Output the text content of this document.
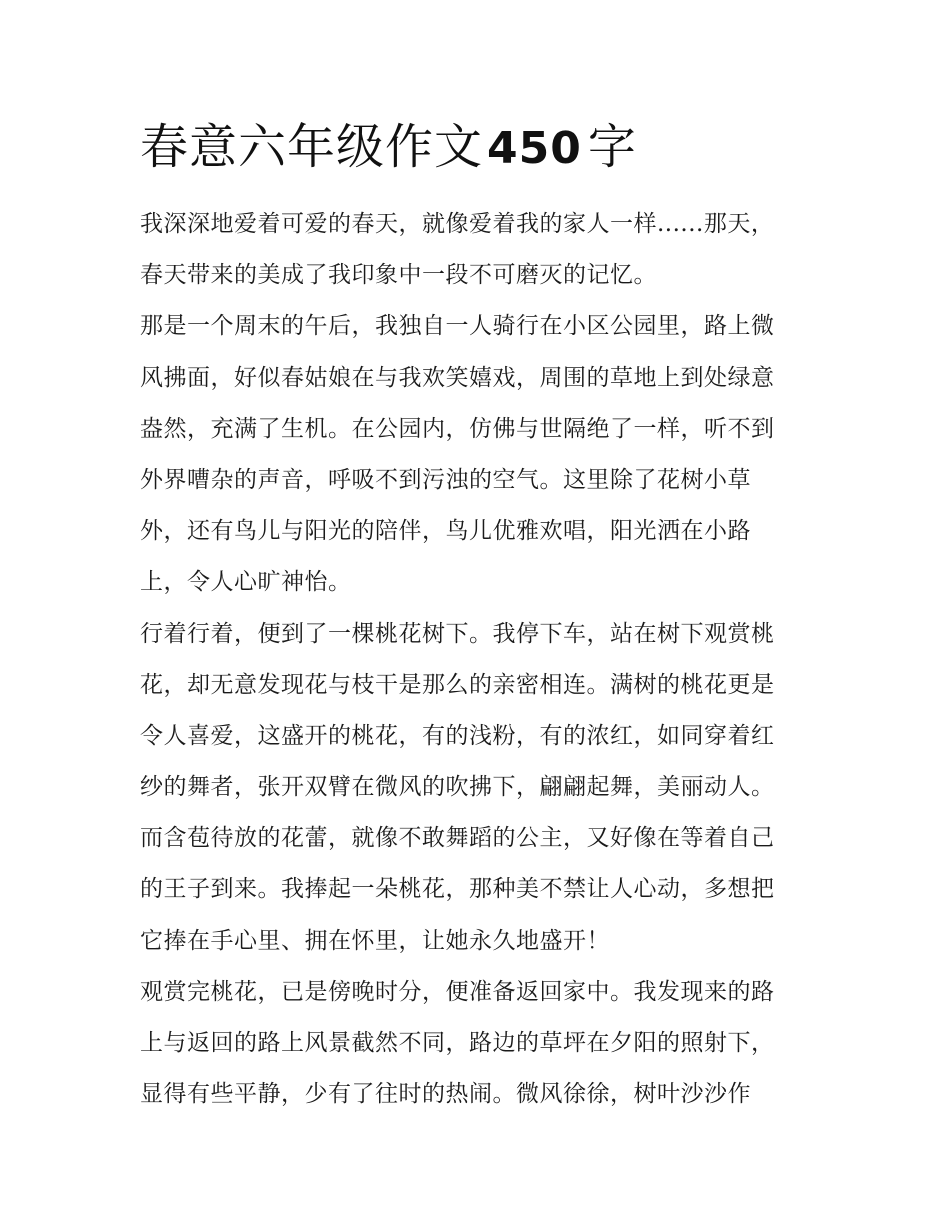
春意六年级作文450 字

我深深地爱着可爱的春天，就像爱着我的家人一样......那天，

春天带来的美成了我印象中一段不可磨灭的记忆。

那是一个周末的午后，我独自一人骑行在小区公园里，路上微

风拂面，好似春姑娘在与我欢笑嬉戏，周围的草地上到处绿意

盎然，充满了生机。在公园内，仿佛与世隔绝了一样，听不到

外界嘈杂的声音，呼吸不到污浊的空气。这里除了花树小草

外，还有鸟儿与阳光的陪伴，鸟儿优雅欢唱，阳光洒在小路

上，令人心旷神怡。

行着行着，便到了一棵桃花树下。我停下车，站在树下观赏桃

花，却无意发现花与枝干是那么的亲密相连。满树的桃花更是

令人喜爱，这盛开的桃花，有的浅粉，有的浓红，如同穿着红

纱的舞者，张开双臂在微风的吹拂下，翩翩起舞，美丽动人。

而含苞待放的花蕾，就像不敢舞蹈的公主，又好像在等着自己

的王子到来。我捧起一朵桃花，那种美不禁让人心动，多想把

它捧在手心里、拥在怀里，让她永久地盛开！

观赏完桃花，已是傍晚时分，便准备返回家中。我发现来的路

上与返回的路上风景截然不同，路边的草坪在夕阳的照射下，

显得有些平静，少有了往时的热闹。微风徐徐，树叶沙沙作
